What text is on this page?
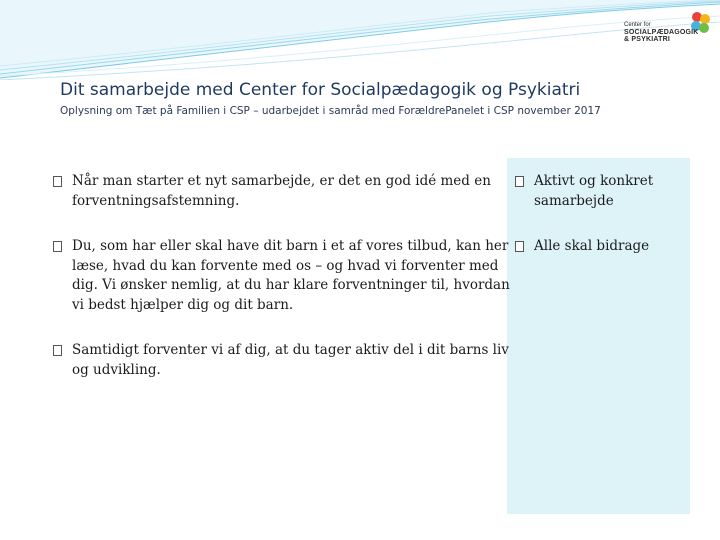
Center for
SOCIALPÆDAGOGIK
& PSYKIATRI
Dit samarbejde med Center for Socialpædagogik og Psykiatri

Oplysning om Tæt på Familien i CSP – udarbejdet i samråd med ForældrePanelet i CSP november 2017

Når man starter et nyt samarbejde, er det en god idé med en forventningsafstemning.
Du, som har eller skal have dit barn i et af vores tilbud, kan her læse, hvad du kan forvente med os – og hvad vi forventer med dig. Vi ønsker nemlig, at du har klare forventninger til, hvordan vi bedst hjælper dig og dit barn.
Samtidigt forventer vi af dig, at du tager aktiv del i dit barns liv og udvikling.
Aktivt og konkret samarbejde
Alle skal bidrage
